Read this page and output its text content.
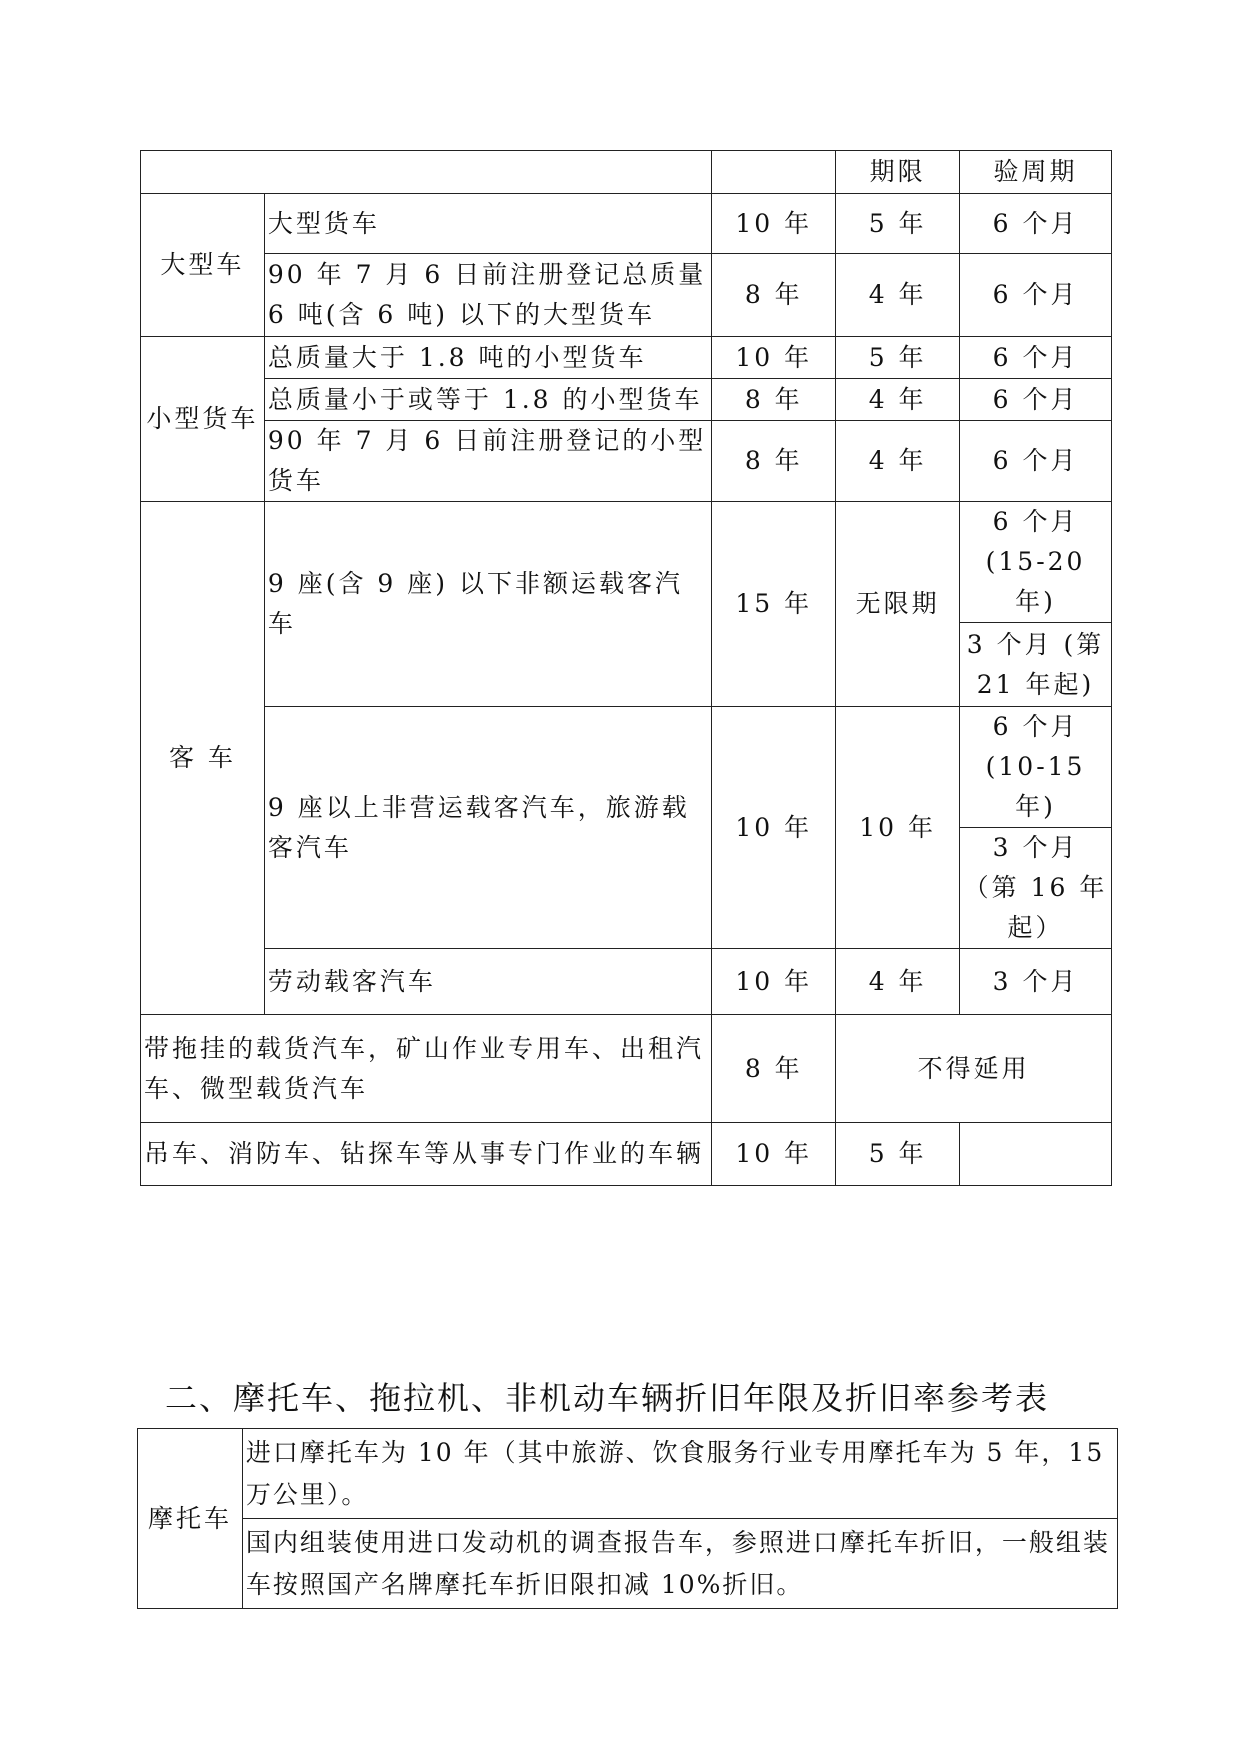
			期限	验周期
大型车	大型货车	10 年	5 年	6 个月
	90 年 7 月 6 日前注册登记总质量 6 吨(含 6 吨) 以下的大型货车	8 年	4 年	6 个月
小型货车	总质量大于 1.8 吨的小型货车	10 年	5 年	6 个月
	总质量小于或等于 1.8 的小型货车	8 年	4 年	6 个月
	90 年 7 月 6 日前注册登记的小型货车	8 年	4 年	6 个月
客 车	9 座(含 9 座) 以下非额运载客汽车	15 年	无限期	6 个月 (15-20 年)
				3 个月 (第 21 年起)
	9 座以上非营运载客汽车，旅游载客汽车	10 年	10 年	6 个月 (10-15 年)
				3 个月 （第 16 年起）
	劳动载客汽车	10 年	4 年	3 个月
带拖挂的载货汽车，矿山作业专用车、出租汽车、微型载货汽车		8 年	不得延用	
吊车、消防车、钻探车等从事专门作业的车辆		10 年	5 年	
二、摩托车、拖拉机、非机动车辆折旧年限及折旧率参考表
摩托车	进口摩托车为 10 年（其中旅游、饮食服务行业专用摩托车为 5 年，15 万公里）。
国内组装使用进口发动机的调查报告车，参照进口摩托车折旧，一般组装车按照国产名牌摩托车折旧限扣减 10%折旧。
